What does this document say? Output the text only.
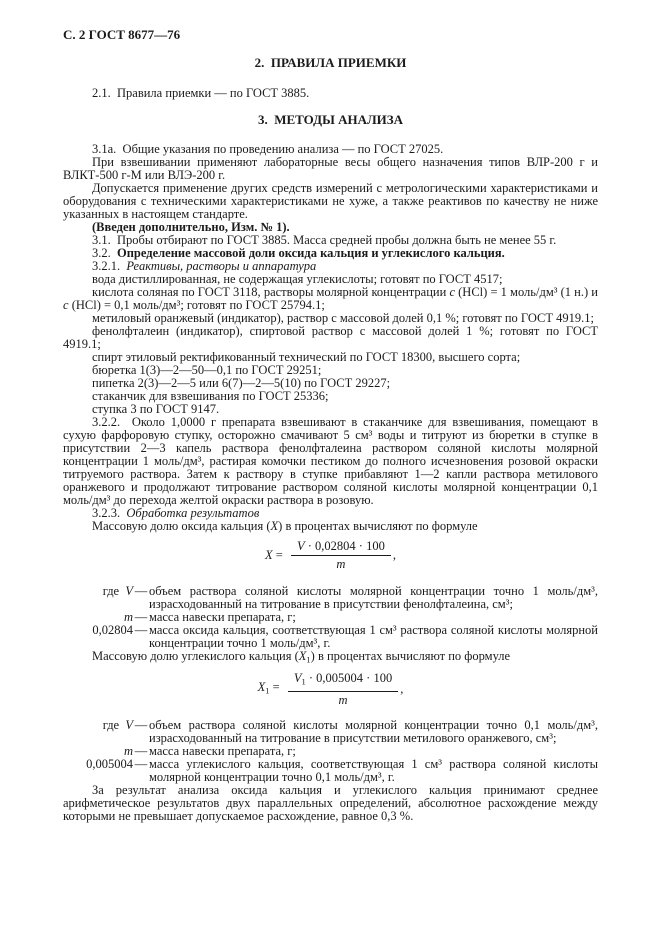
С. 2 ГОСТ 8677—76
2.  ПРАВИЛА ПРИЕМКИ

2.1.  Правила приемки — по ГОСТ 3885.

3.  МЕТОДЫ АНАЛИЗА

3.1а.  Общие указания по проведению анализа — по ГОСТ 27025.

При взвешивании применяют лабораторные весы общего назначения типов ВЛР-200 г и ВЛКТ-500 г-М или ВЛЭ-200 г.

Допускается применение других средств измерений с метрологическими характеристиками и оборудования с техническими характеристиками не хуже, а также реактивов по качеству не ниже указанных в настоящем стандарте.

(Введен дополнительно, Изм. № 1).

3.1.  Пробы отбирают по ГОСТ 3885. Масса средней пробы должна быть не менее 55 г.

3.2.  Определение массовой доли оксида кальция и углекислого кальция.

3.2.1.  Реактивы, растворы и аппаратура

вода дистиллированная, не содержащая углекислоты; готовят по ГОСТ 4517;

кислота соляная по ГОСТ 3118, растворы молярной концентрации с (HCl) = 1 моль/дм³ (1 н.) и с (HCl) = 0,1 моль/дм³; готовят по ГОСТ 25794.1;

метиловый оранжевый (индикатор), раствор с массовой долей 0,1 %; готовят по ГОСТ 4919.1;

фенолфталеин (индикатор), спиртовой раствор с массовой долей 1 %; готовят по ГОСТ 4919.1;

спирт этиловый ректификованный технический по ГОСТ 18300, высшего сорта;

бюретка 1(3)—2—50—0,1 по ГОСТ 29251;

пипетка 2(3)—2—5 или 6(7)—2—5(10) по ГОСТ 29227;

стаканчик для взвешивания по ГОСТ 25336;

ступка 3 по ГОСТ 9147.

3.2.2.  Около 1,0000 г препарата взвешивают в стаканчике для взвешивания, помещают в сухую фарфоровую ступку, осторожно смачивают 5 см³ воды и титруют из бюретки в ступке в присутствии 2—3 капель раствора фенолфталеина раствором соляной кислоты молярной концентрации 1 моль/дм³, растирая комочки пестиком до полного исчезновения розовой окраски титруемого раствора. Затем к раствору в ступке прибавляют 1—2 капли раствора метилового оранжевого и продолжают титрование раствором соляной кислоты молярной концентрации 0,1 моль/дм³ до перехода желтой окраски раствора в розовую.

3.2.3.  Обработка результатов

Массовую долю оксида кальция (X) в процентах вычисляют по формуле

$X = \frac{V \cdot 0,02804 \cdot 100}{m}$ ,
где  V — объем раствора соляной кислоты молярной концентрации точно 1 моль/дм³, израсходованный на титрование в присутствии фенолфталеина, см³;
m — масса навески препарата, г;
0,02804 — масса оксида кальция, соответствующая 1 см³ раствора соляной кислоты молярной концентрации точно 1 моль/дм³, г.

Массовую долю углекислого кальция $(X_1)$ в процентах вычисляют по формуле

$X_1 = \frac{V_1 \cdot 0,005004 \cdot 100}{m}$ ,
где  V — объем раствора соляной кислоты молярной концентрации точно 0,1 моль/дм³, израсходованный на титрование в присутствии метилового оранжевого, см³;
m — масса навески препарата, г;
0,005004 — масса углекислого кальция, соответствующая 1 см³ раствора соляной кислоты молярной концентрации точно 0,1 моль/дм³, г.

За результат анализа оксида кальция и углекислого кальция принимают среднее арифметическое результатов двух параллельных определений, абсолютное расхождение между которыми не превышает допускаемое расхождение, равное 0,3 %.
